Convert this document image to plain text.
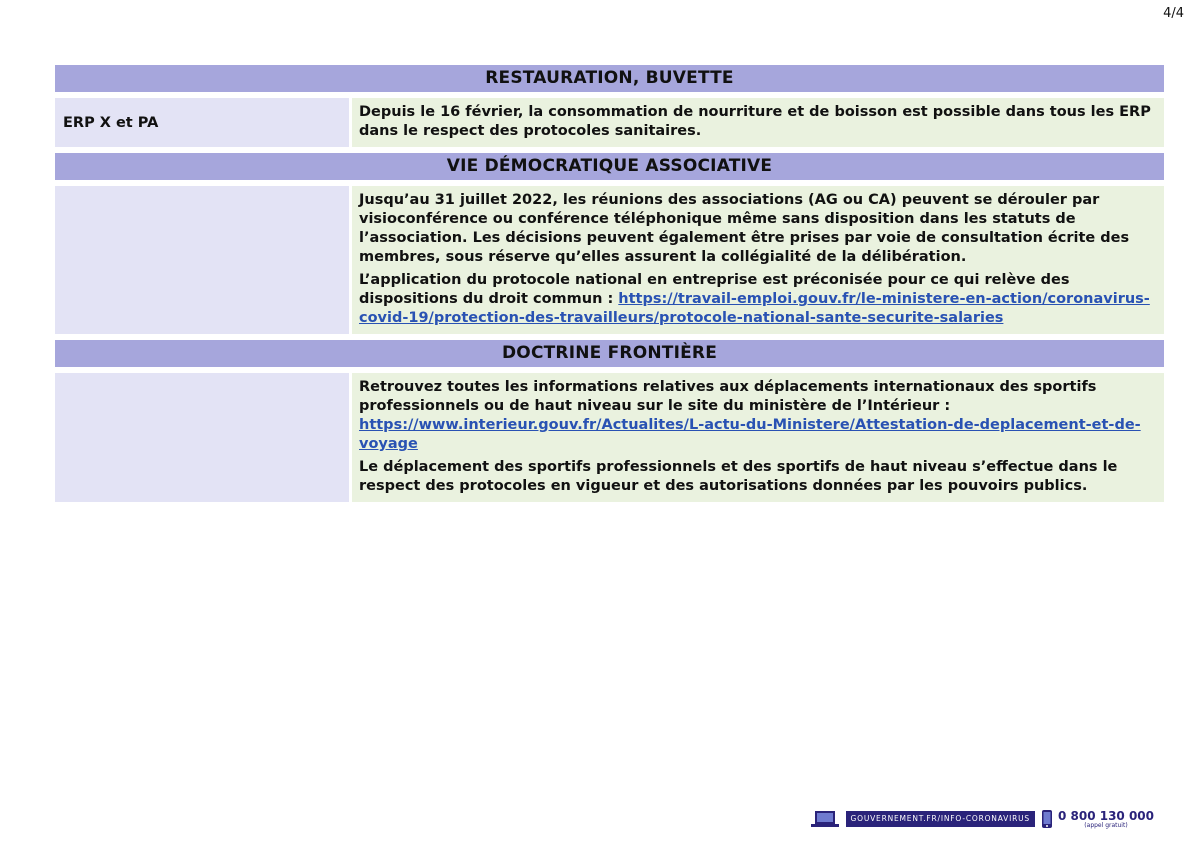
4/4
RESTAURATION, BUVETTE
ERP X et PA

Depuis le 16 février, la consommation de nourriture et de boisson est possible dans tous les ERP dans le respect des protocoles sanitaires.

VIE DÉMOCRATIQUE ASSOCIATIVE

Jusqu’au 31 juillet 2022, les réunions des associations (AG ou CA) peuvent se dérouler par visioconférence ou conférence téléphonique même sans disposition dans les statuts de l’association. Les décisions peuvent également être prises par voie de consultation écrite des membres, sous réserve qu’elles assurent la collégialité de la délibération.

L’application du protocole national en entreprise est préconisée pour ce qui relève des dispositions du droit commun : https://travail-emploi.gouv.fr/le-ministere-en-action/coronavirus-covid-19/protection-des-travailleurs/protocole-national-sante-securite-salaries

DOCTRINE FRONTIÈRE

Retrouvez toutes les informations relatives aux déplacements internationaux des sportifs professionnels ou de haut niveau sur le site du ministère de l’Intérieur : https://www.interieur.gouv.fr/Actualites/L-actu-du-Ministere/Attestation-de-deplacement-et-de-voyage

Le déplacement des sportifs professionnels et des sportifs de haut niveau s’effectue dans le respect des protocoles en vigueur et des autorisations données par les pouvoirs publics.

GOUVERNEMENT.FR/INFO-CORONAVIRUS	0 800 130 000
(appel gratuit)
